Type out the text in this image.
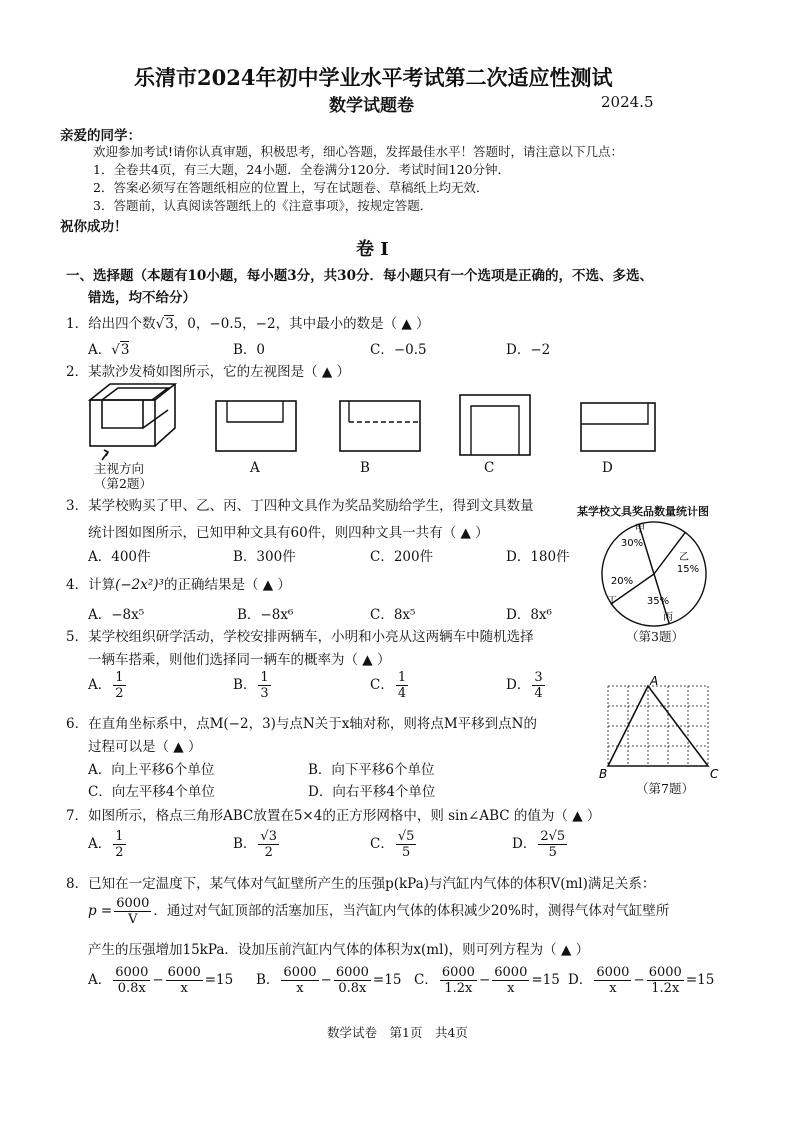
乐清市2024年初中学业水平考试第二次适应性测试
数学试题卷	2024.5
亲爱的同学：
欢迎参加考试!请你认真审题，积极思考，细心答题，发挥最佳水平！答题时，请注意以下几点：
1．全卷共4页，有三大题，24小题．全卷满分120分．考试时间120分钟．
2．答案必须写在答题纸相应的位置上，写在试题卷、草稿纸上均无效．
3．答题前，认真阅读答题纸上的《注意事项》，按规定答题．
祝你成功！
卷 I
一、选择题（本题有10小题，每小题3分，共30分．每小题只有一个选项是正确的，不选、多选、
错选，均不给分）
1．给出四个数√3，0，−0.5，−2，其中最小的数是（ ▲ ）
A．√3	B．0	C．−0.5	D．−2
2．某款沙发椅如图所示，它的左视图是（ ▲ ）
主视方向
（第2题）
A	B	C	D
3．某学校购买了甲、乙、丙、丁四种文具作为奖品奖励给学生，得到文具数量
统计图如图所示，已知甲种文具有60件，则四种文具一共有（ ▲ ）
A．400件	B．300件	C．200件	D．180件
某学校文具奖品数量统计图
30%
甲
15%
乙
35%
丙
20%
丁
（第3题）
4．计算(−2x²)³的正确结果是（ ▲ ）
A．−8x⁵	B．−8x⁶	C．8x⁵	D．8x⁶
5．某学校组织研学活动，学校安排两辆车，小明和小亮从这两辆车中随机选择
一辆车搭乘，则他们选择同一辆车的概率为（ ▲ ）
A． $\frac{1}{2}$	B． $\frac{1}{3}$	C． $\frac{1}{4}$	D． $\frac{3}{4}$	A
B	C
（第7题）
6．在直角坐标系中，点M(−2，3)与点N关于x轴对称，则将点M平移到点N的
过程可以是（ ▲ ）
A．向上平移6个单位	B．向下平移6个单位
C．向左平移4个单位	D．向右平移4个单位
7．如图所示，格点三角形ABC放置在5×4的正方形网格中，则 sin∠ABC 的值为（ ▲ ）
A． $\frac{1}{2}$	B． $\frac{√3}{2}$	C． $\frac{√5}{5}$	D． $\frac{2√5}{5}$
8．已知在一定温度下，某气体对气缸壁所产生的压强p(kPa)与汽缸内气体的体积V(ml)满足关系：
$p = \frac{6000}{V}$ ．通过对气缸顶部的活塞加压，当汽缸内气体的体积减少20%时，测得气体对气缸壁所
产生的压强增加15kPa．设加压前汽缸内气体的体积为x(ml)，则可列方程为（ ▲ ）
A． $\frac{6000}{0.8x} - \frac{6000}{x} =15$ B． $\frac{6000}{x} - \frac{6000}{0.8x} =15$ C． $\frac{6000}{1.2x} - \frac{6000}{x} =15$ D． $\frac{6000}{x} - \frac{6000}{1.2x} =15$
数学试卷　第1页　共4页
